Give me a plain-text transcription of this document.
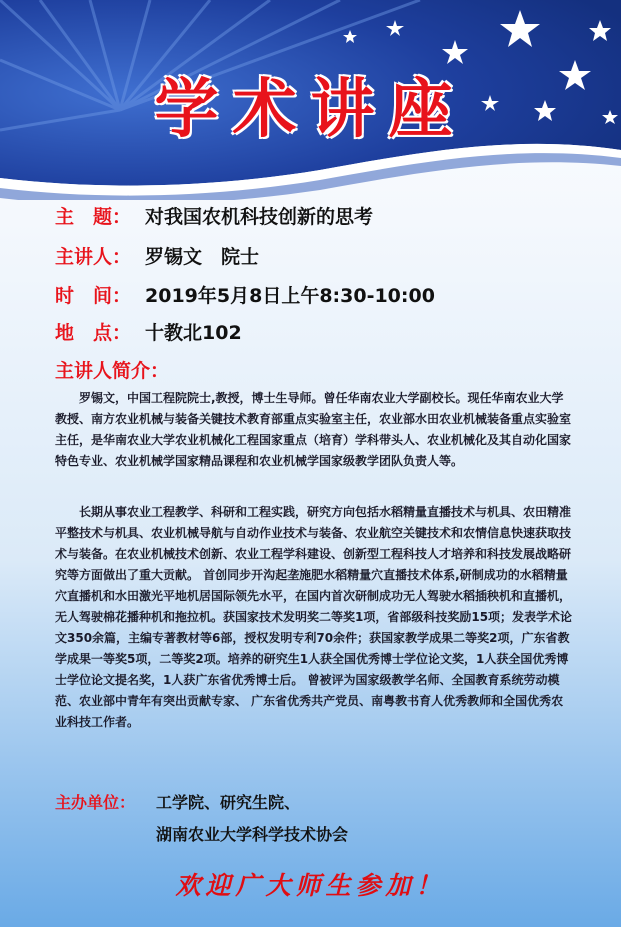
学术讲座
主　题： 对我国农机科技创新的思考
主讲人： 罗锡文　院士
时　间： 2019年5月8日上午8:30-10:00
地　点： 十教北102
主讲人简介：

罗锡文，中国工程院院士,教授，博士生导师。曾任华南农业大学副校长。现任华南农业大学教授、南方农业机械与装备关键技术教育部重点实验室主任，农业部水田农业机械装备重点实验室主任，是华南农业大学农业机械化工程国家重点（培育）学科带头人、农业机械化及其自动化国家特色专业、农业机械学国家精品课程和农业机械学国家级教学团队负责人等。

长期从事农业工程教学、科研和工程实践，研究方向包括水稻精量直播技术与机具、农田精准平整技术与机具、农业机械导航与自动作业技术与装备、农业航空关键技术和农情信息快速获取技术与装备。在农业机械技术创新、农业工程学科建设、创新型工程科技人才培养和科技发展战略研究等方面做出了重大贡献。 首创同步开沟起垄施肥水稻精量穴直播技术体系,研制成功的水稻精量穴直播机和水田激光平地机居国际领先水平，在国内首次研制成功无人驾驶水稻插秧机和直播机，无人驾驶棉花播种机和拖拉机。获国家技术发明奖二等奖1项，省部级科技奖励15项；发表学术论文350余篇，主编专著教材等6部，授权发明专利70余件；获国家教学成果二等奖2项，广东省教学成果一等奖5项，二等奖2项。培养的研究生1人获全国优秀博士学位论文奖，1人获全国优秀博士学位论文提名奖，1人获广东省优秀博士后。 曾被评为国家级教学名师、全国教育系统劳动模范、农业部中青年有突出贡献专家、 广东省优秀共产党员、南粤教书育人优秀教师和全国优秀农业科技工作者。

主办单位： 工学院、研究生院、
湖南农业大学科学技术协会
欢迎广大师生参加！
